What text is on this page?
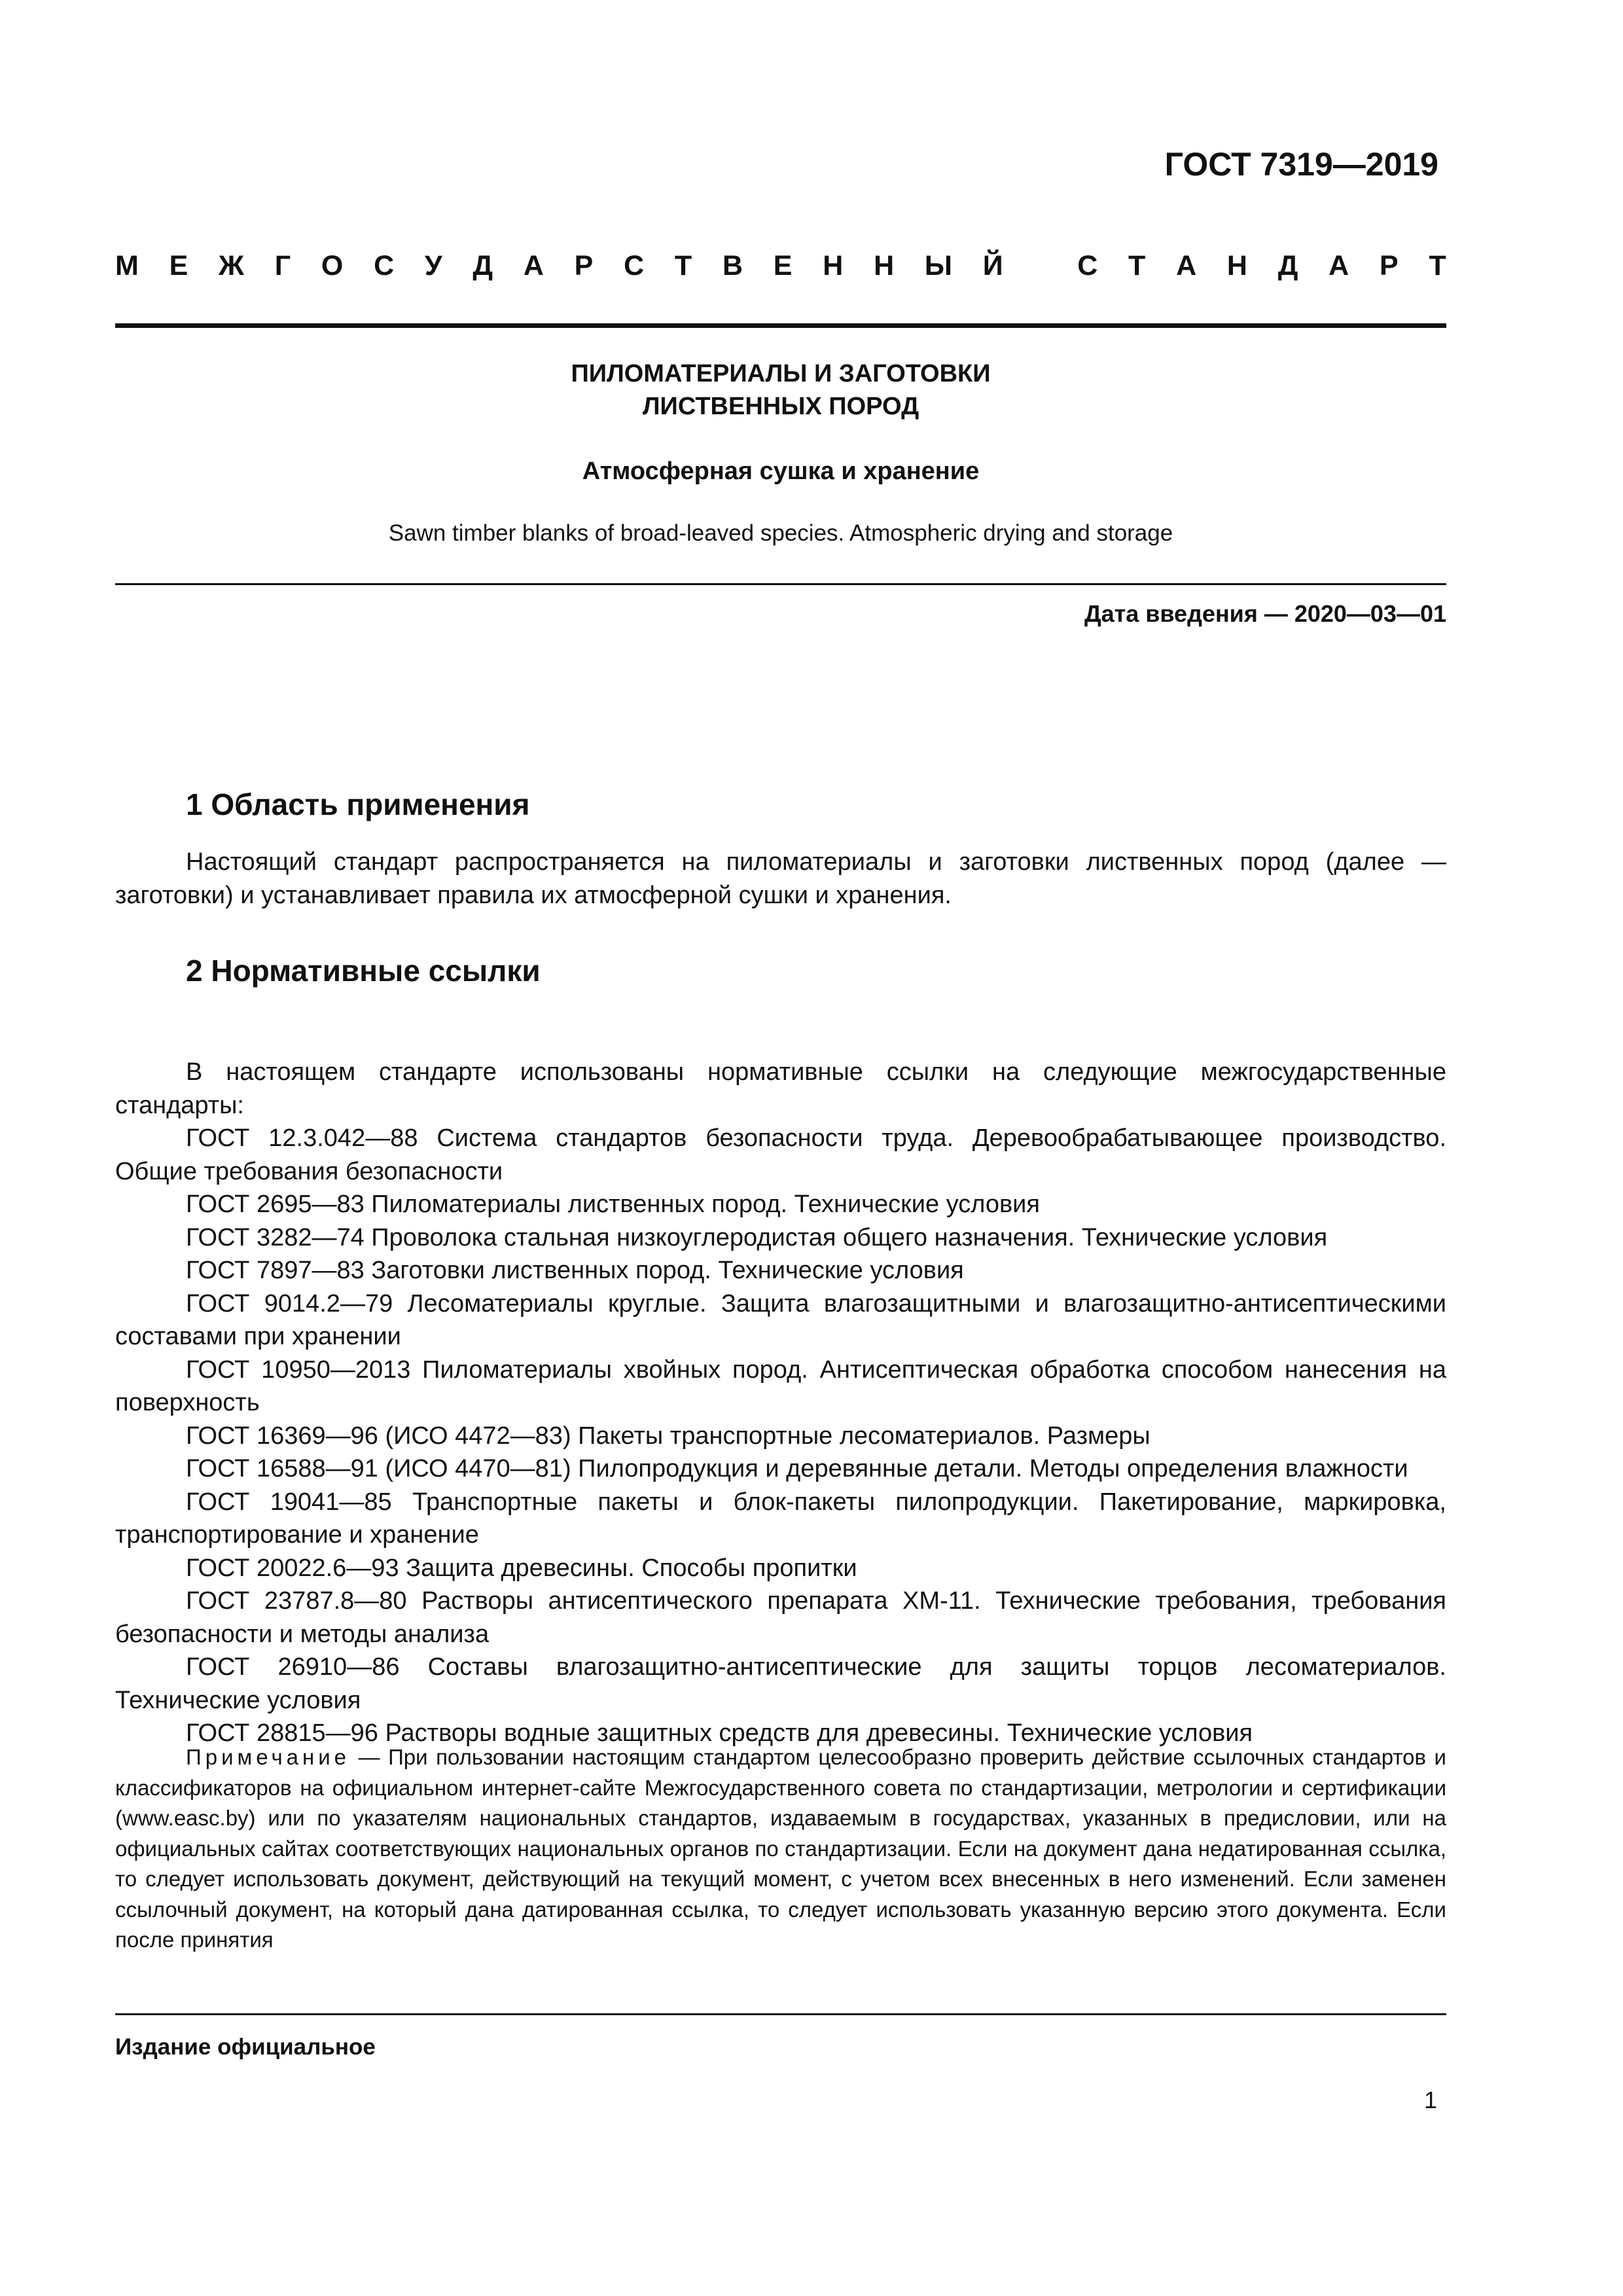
ГОСТ 7319—2019
М Е Ж Г О С У Д А Р С Т В Е Н Н Ы Й	С Т А Н Д А Р Т
ПИЛОМАТЕРИАЛЫ И ЗАГОТОВКИ
ЛИСТВЕННЫХ ПОРОД
Атмосферная сушка и хранение
Sawn timber blanks of broad-leaved species. Atmospheric drying and storage
Дата введения — 2020—03—01
1 Область применения

Настоящий стандарт распространяется на пиломатериалы и заготовки лиственных пород (далее — заготовки) и устанавливает правила их атмосферной сушки и хранения.

2 Нормативные ссылки

В настоящем стандарте использованы нормативные ссылки на следующие межгосударственные стандарты:

ГОСТ 12.3.042—88 Система стандартов безопасности труда. Деревообрабатывающее производство. Общие требования безопасности

ГОСТ 2695—83 Пиломатериалы лиственных пород. Технические условия

ГОСТ 3282—74 Проволока стальная низкоуглеродистая общего назначения. Технические условия

ГОСТ 7897—83 Заготовки лиственных пород. Технические условия

ГОСТ 9014.2—79 Лесоматериалы круглые. Защита влагозащитными и влагозащитно-антисептическими составами при хранении

ГОСТ 10950—2013 Пиломатериалы хвойных пород. Антисептическая обработка способом нанесения на поверхность

ГОСТ 16369—96 (ИСО 4472—83) Пакеты транспортные лесоматериалов. Размеры

ГОСТ 16588—91 (ИСО 4470—81) Пилопродукция и деревянные детали. Методы определения влажности

ГОСТ 19041—85 Транспортные пакеты и блок-пакеты пилопродукции. Пакетирование, маркировка, транспортирование и хранение

ГОСТ 20022.6—93 Защита древесины. Способы пропитки

ГОСТ 23787.8—80 Растворы антисептического препарата ХМ-11. Технические требования, требования безопасности и методы анализа

ГОСТ 26910—86 Составы влагозащитно-антисептические для защиты торцов лесоматериалов. Технические условия

ГОСТ 28815—96 Растворы водные защитных средств для древесины. Технические условия

Примечание — При пользовании настоящим стандартом целесообразно проверить действие ссылочных стандартов и классификаторов на официальном интернет-сайте Межгосударственного совета по стандартизации, метрологии и сертификации (www.easc.by) или по указателям национальных стандартов, издаваемым в государствах, указанных в предисловии, или на официальных сайтах соответствующих национальных органов по стандартизации. Если на документ дана недатированная ссылка, то следует использовать документ, действующий на текущий момент, с учетом всех внесенных в него изменений. Если заменен ссылочный документ, на который дана датированная ссылка, то следует использовать указанную версию этого документа. Если после принятия

Издание официальное
1
